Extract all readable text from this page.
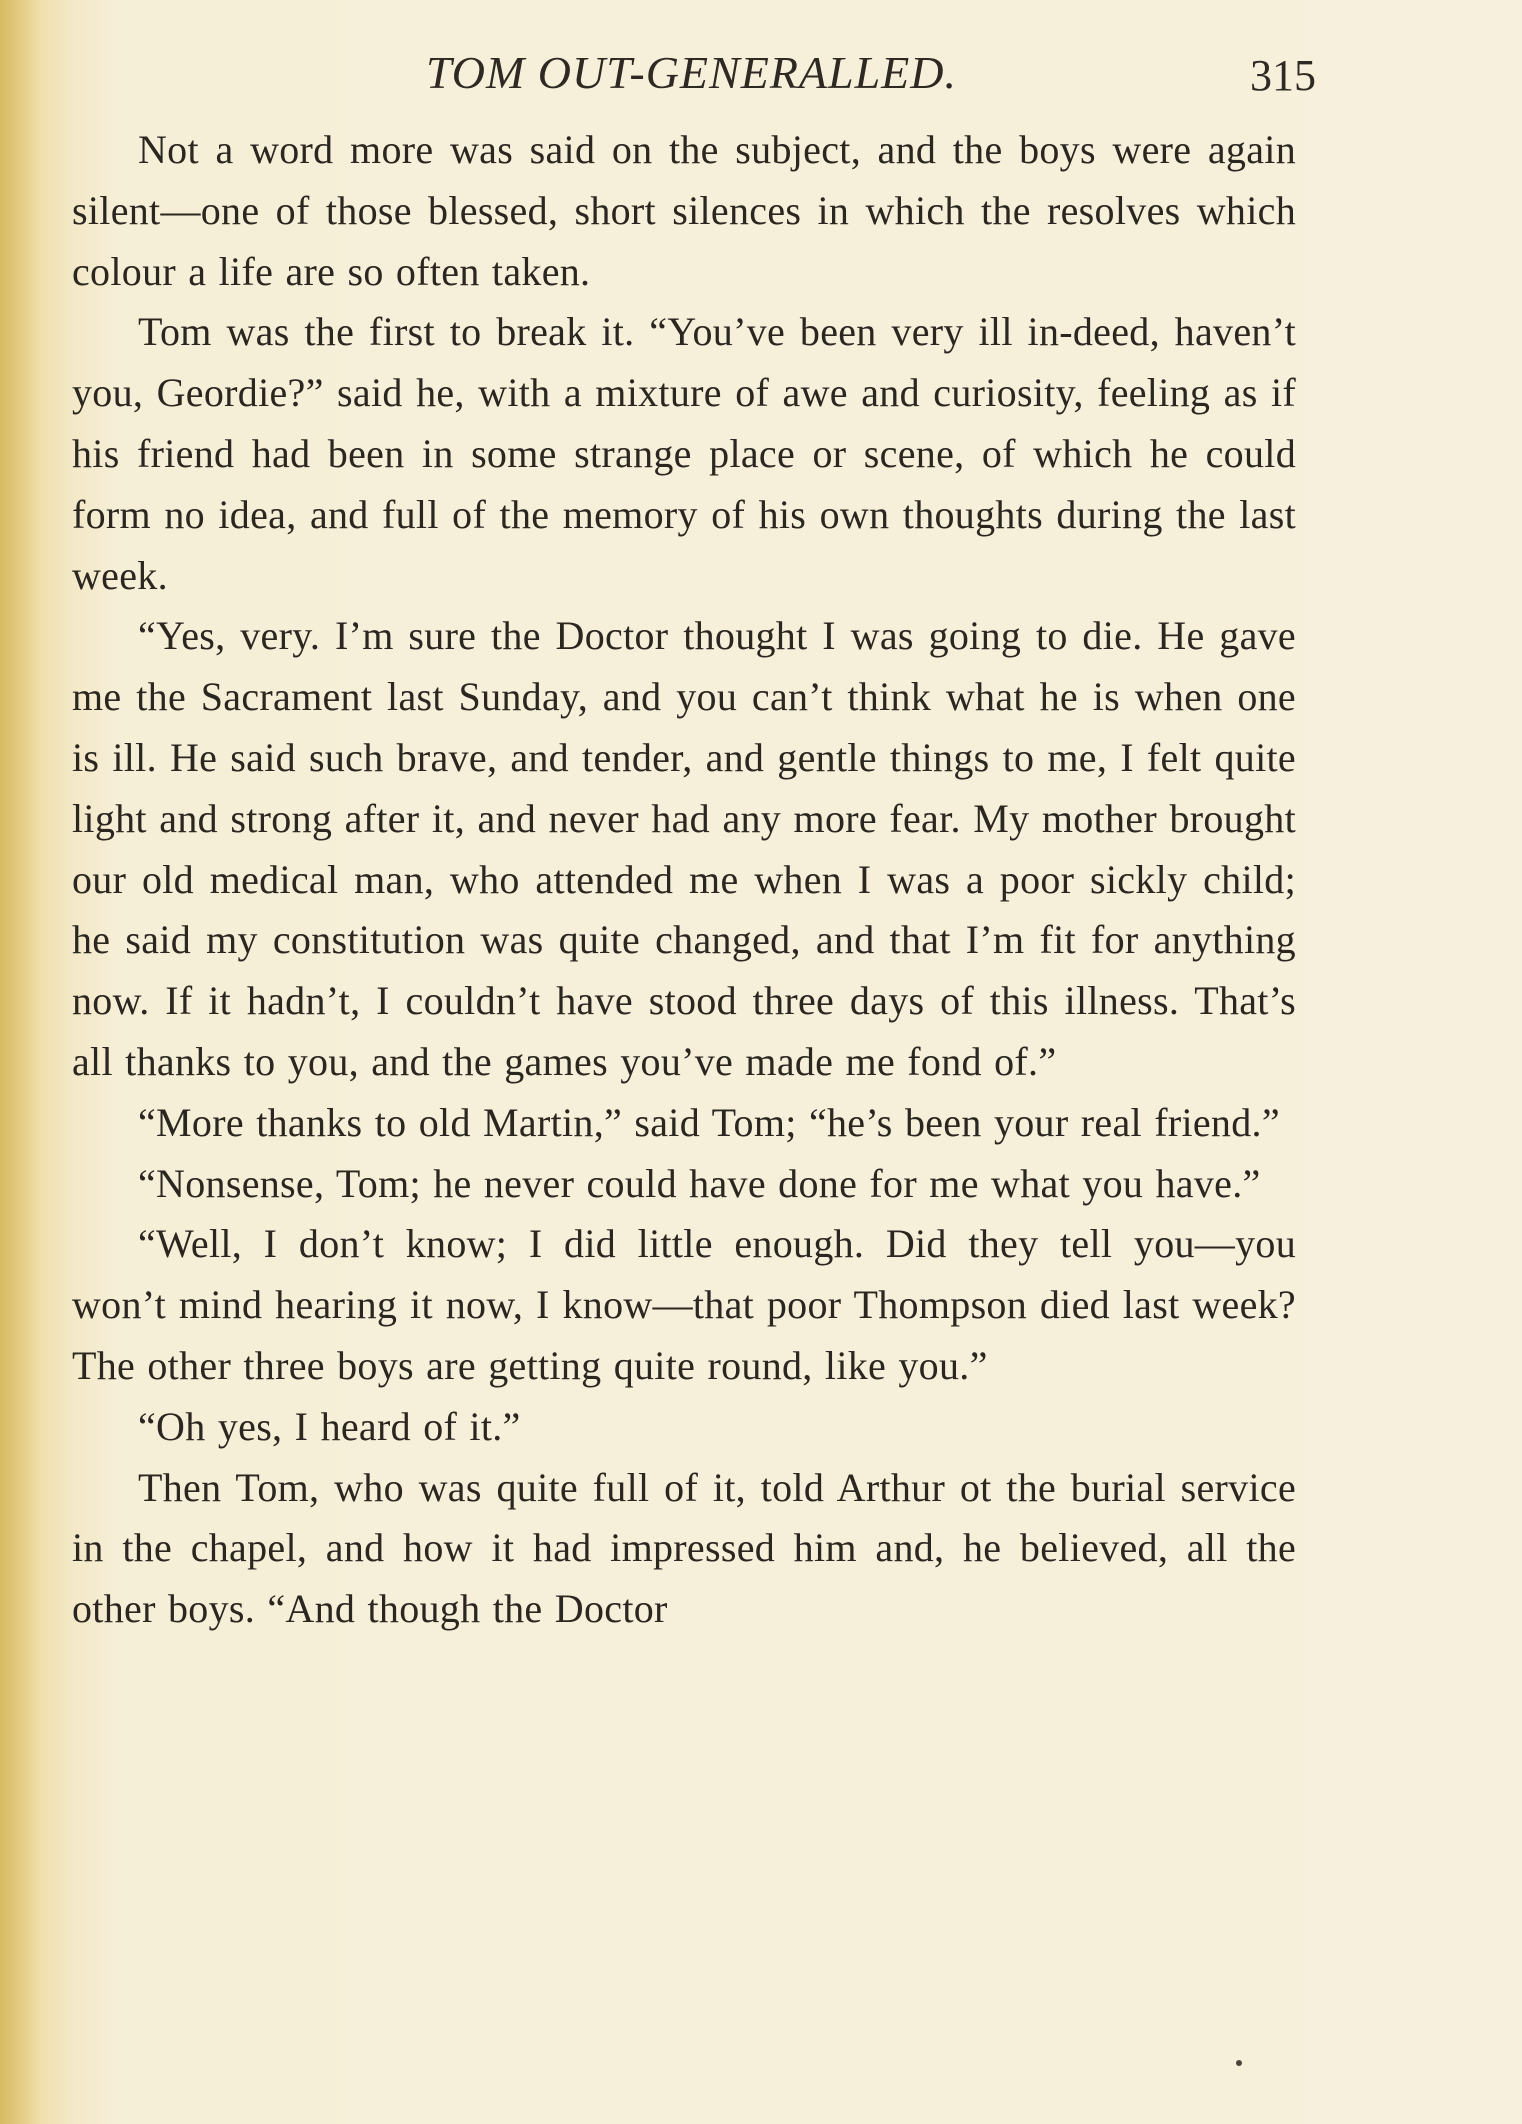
TOM OUT-GENERALLED.	315

Not a word more was said on the subject, and the boys were again silent—one of those blessed, short silences in which the resolves which colour a life are so often taken.

Tom was the first to break it. “You’ve been very ill in-deed, haven’t you, Geordie?” said he, with a mixture of awe and curiosity, feeling as if his friend had been in some strange place or scene, of which he could form no idea, and full of the memory of his own thoughts during the last week.

“Yes, very. I’m sure the Doctor thought I was going to die. He gave me the Sacrament last Sunday, and you can’t think what he is when one is ill. He said such brave, and tender, and gentle things to me, I felt quite light and strong after it, and never had any more fear. My mother brought our old medical man, who attended me when I was a poor sickly child; he said my constitution was quite changed, and that I’m fit for anything now. If it hadn’t, I couldn’t have stood three days of this illness. That’s all thanks to you, and the games you’ve made me fond of.”

“More thanks to old Martin,” said Tom; “he’s been your real friend.”

“Nonsense, Tom; he never could have done for me what you have.”

“Well, I don’t know; I did little enough. Did they tell you—you won’t mind hearing it now, I know—that poor Thompson died last week? The other three boys are getting quite round, like you.”

“Oh yes, I heard of it.”

Then Tom, who was quite full of it, told Arthur ot the burial service in the chapel, and how it had impressed him and, he believed, all the other boys. “And though the Doctor
